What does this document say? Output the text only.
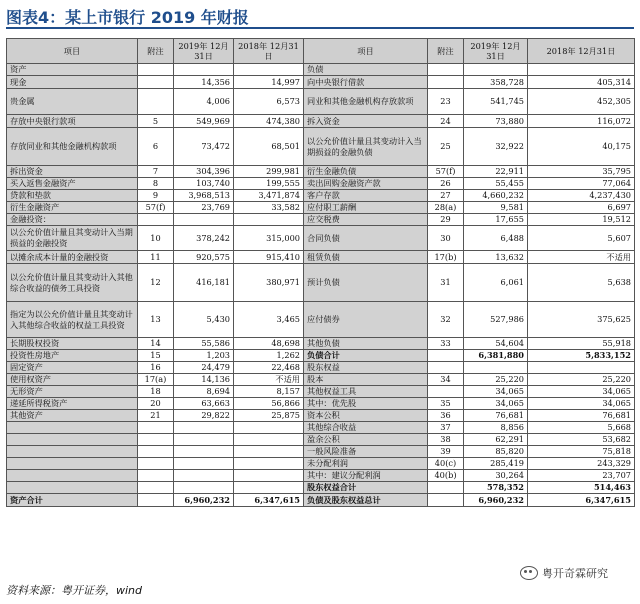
图表4：某上市银行 2019 年财报
项目	附注	2019年 12月31日	2018年 12月31日	项目	附注	2019年 12月31日	2018年 12月31日
资产				负债			
现金		14,356	14,997	向中央银行借款		358,728	405,314
贵金属		4,006	6,573	同业和其他金融机构存放款项	23	541,745	452,305
存放中央银行款项	5	549,969	474,380	拆入资金	24	73,880	116,072
存放同业和其他金融机构款项	6	73,472	68,501	以公允价值计量且其变动计入当期损益的金融负债	25	32,922	40,175
拆出资金	7	304,396	299,981	衍生金融负债	57(f)	22,911	35,795
买入返售金融资产	8	103,740	199,555	卖出回购金融资产款	26	55,455	77,064
贷款和垫款	9	3,968,513	3,471,874	客户存款	27	4,660,232	4,237,430
衍生金融资产	57(f)	23,769	33,582	应付职工薪酬	28(a)	9,581	6,697
金融投资：				应交税费	29	17,655	19,512
以公允价值计量且其变动计入当期损益的金融投资	10	378,242	315,000	合同负债	30	6,488	5,607
以摊余成本计量的金融投资	11	920,575	915,410	租赁负债	17(b)	13,632	不适用
以公允价值计量且其变动计入其他综合收益的债务工具投资	12	416,181	380,971	预计负债	31	6,061	5,638
指定为以公允价值计量且其变动计入其他综合收益的权益工具投资	13	5,430	3,465	应付债券	32	527,986	375,625
长期股权投资	14	55,586	48,698	其他负债	33	54,604	55,918
投资性房地产	15	1,203	1,262	负债合计		6,381,880	5,833,152
固定资产	16	24,479	22,468	股东权益			
使用权资产	17(a)	14,136	不适用	股本	34	25,220	25,220
无形资产	18	8,694	8,157	其他权益工具		34,065	34,065
递延所得税资产	20	63,663	56,866	其中：优先股	35	34,065	34,065
其他资产	21	29,822	25,875	资本公积	36	76,681	76,681
				其他综合收益	37	8,856	5,668
				盈余公积	38	62,291	53,682
				一般风险准备	39	85,820	75,818
				未分配利润	40(c)	285,419	243,329
				其中：建议分配利润	40(b)	30,264	23,707
				股东权益合计		578,352	514,463
资产合计		6,960,232	6,347,615	负债及股东权益总计		6,960,232	6,347,615
资料来源：粤开证券，wind
粤开奇霖研究
